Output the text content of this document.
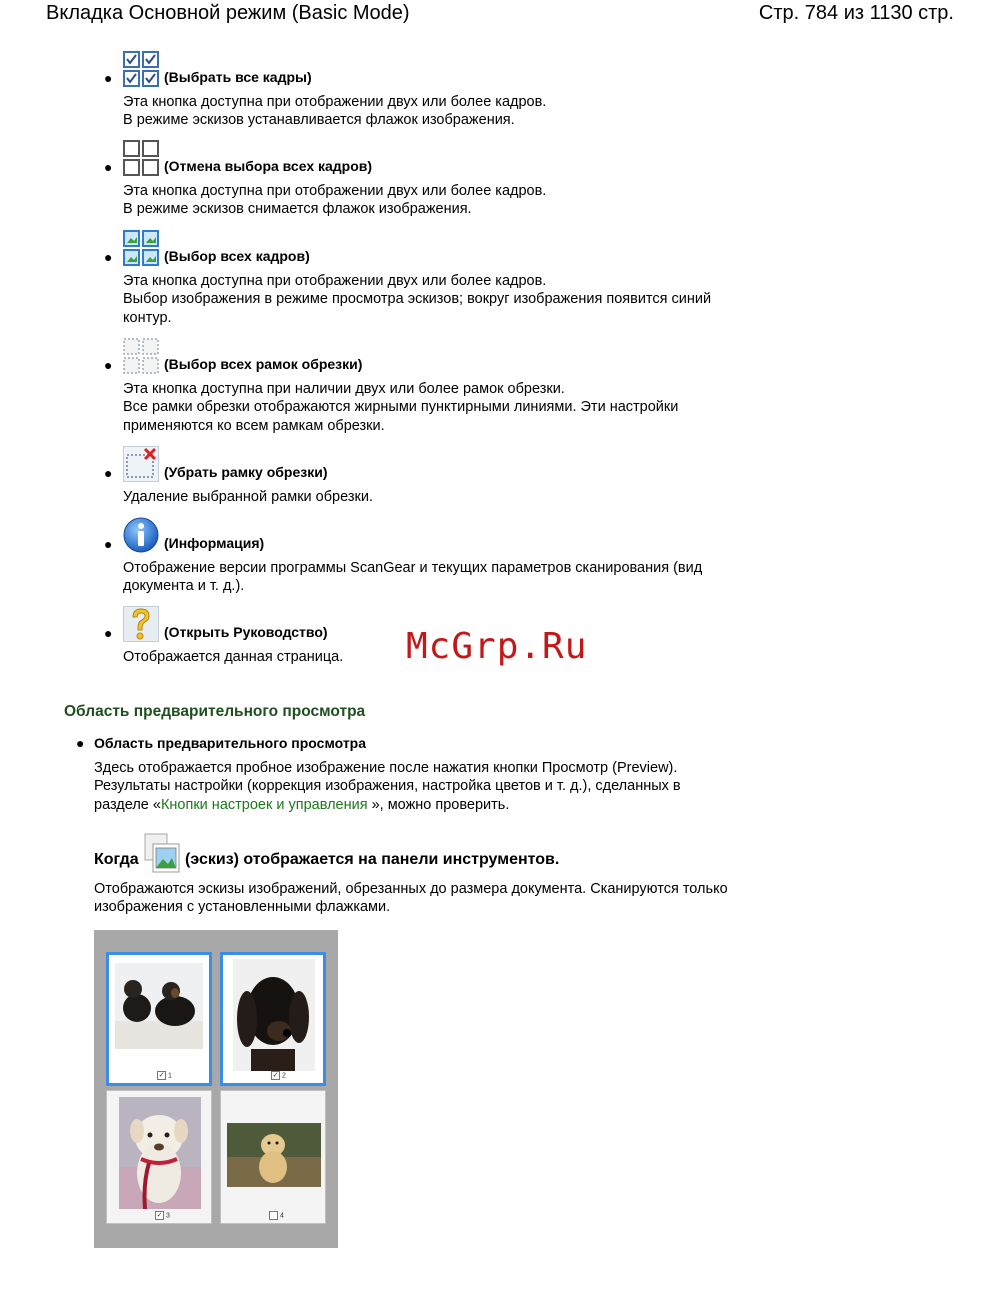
Вкладка Основной режим (Basic Mode)	Стр. 784 из 1130 стр.
●	(Выбрать все кадры)
Эта кнопка доступна при отображении двух или более кадров.
В режиме эскизов устанавливается флажок изображения.
●	(Отмена выбора всех кадров)
Эта кнопка доступна при отображении двух или более кадров.
В режиме эскизов снимается флажок изображения.
●	(Выбор всех кадров)
Эта кнопка доступна при отображении двух или более кадров.
Выбор изображения в режиме просмотра эскизов; вокруг изображения появится синий
контур.
●	(Выбор всех рамок обрезки)
Эта кнопка доступна при наличии двух или более рамок обрезки.
Все рамки обрезки отображаются жирными пунктирными линиями. Эти настройки
применяются ко всем рамкам обрезки.
●	(Убрать рамку обрезки)
Удаление выбранной рамки обрезки.
●	(Информация)
Отображение версии программы ScanGear и текущих параметров сканирования (вид
документа и т. д.).
●	(Открыть Руководство)
Отображается данная страница.	McGrp.Ru
Область предварительного просмотра
● Область предварительного просмотра
Здесь отображается пробное изображение после нажатия кнопки Просмотр (Preview).
Результаты настройки (коррекция изображения, настройка цветов и т. д.), сделанных в
разделе «Кнопки настроек и управления », можно проверить.
Когда	(эскиз) отображается на панели инструментов.
Отображаются эскизы изображений, обрезанных до размера документа. Сканируются только
изображения с установленными флажками.
✓ 1	✓ 2
✓ 3	4
